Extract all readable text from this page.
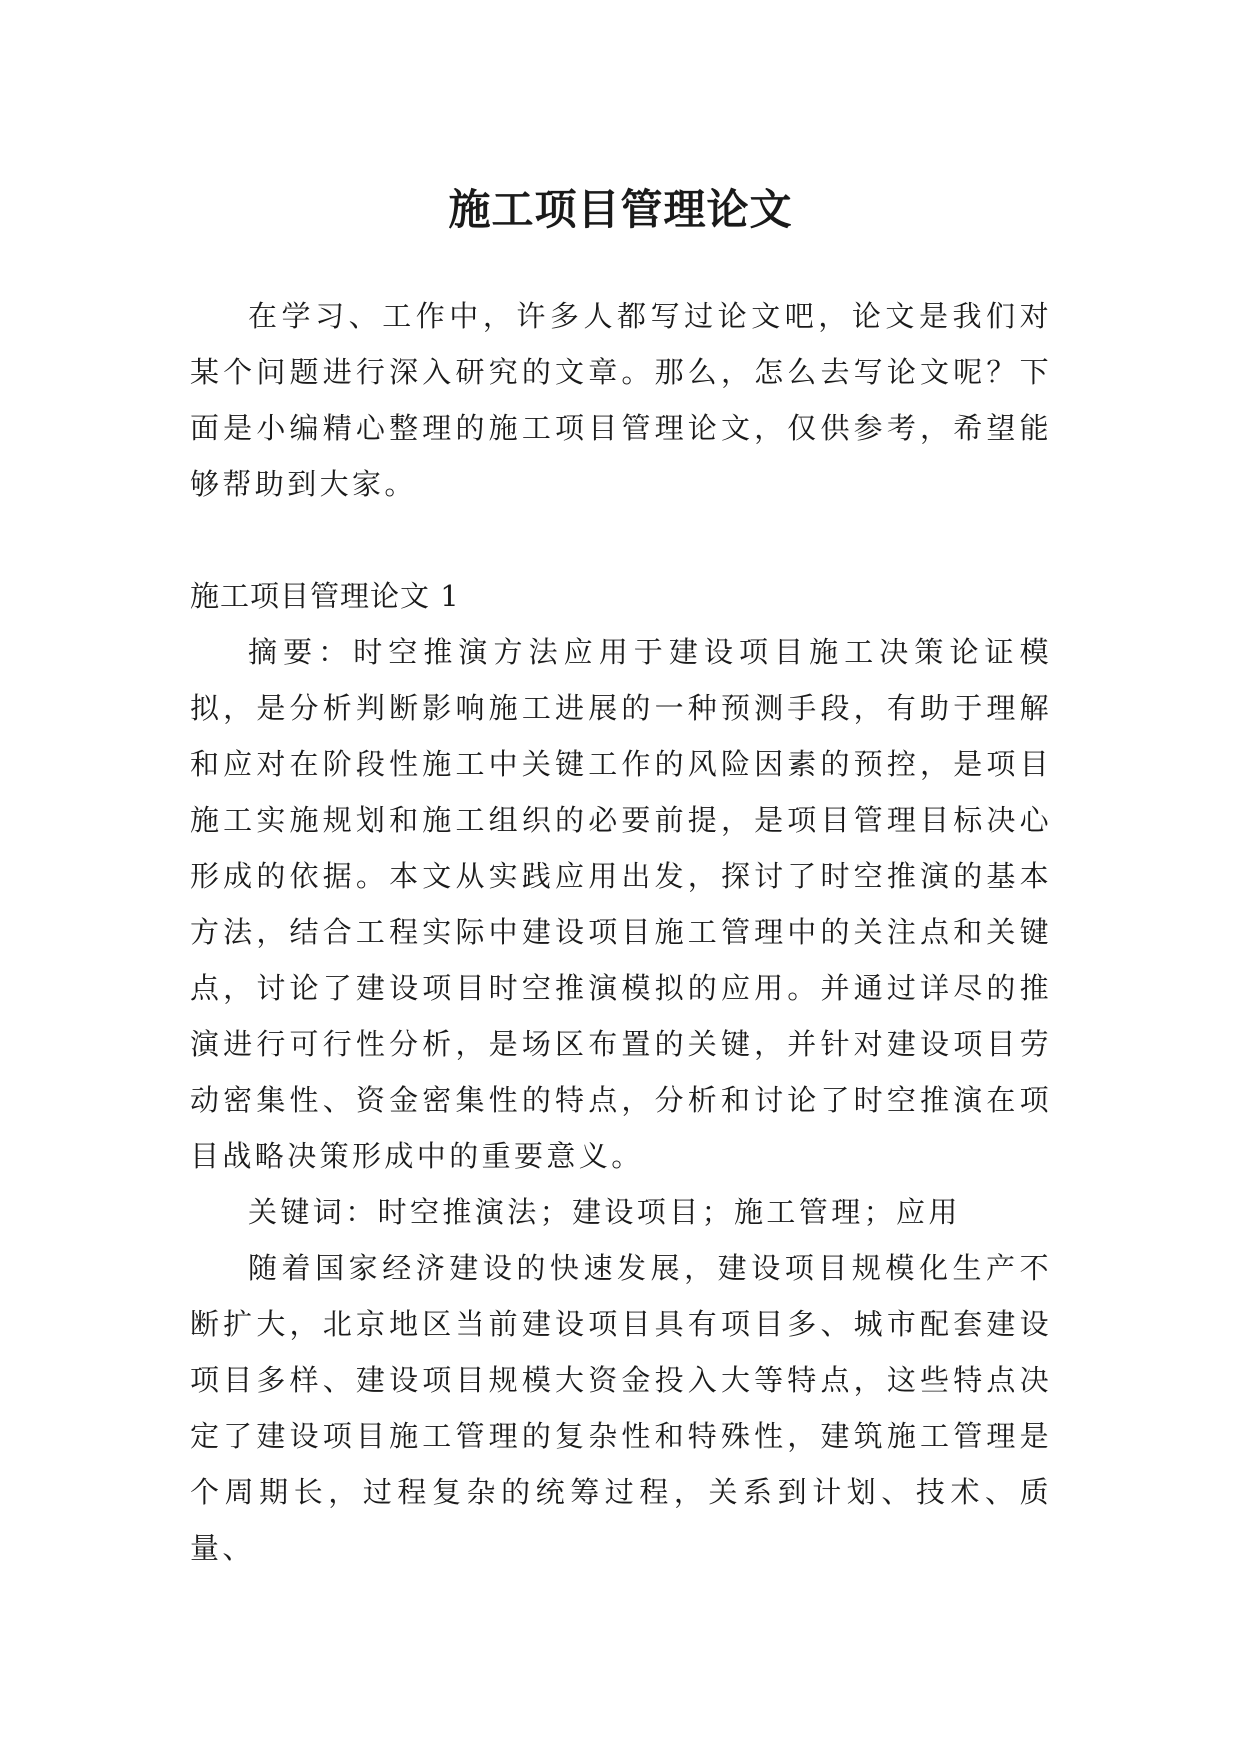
施工项目管理论文

在学习、工作中，许多人都写过论文吧，论文是我们对某个问题进行深入研究的文章。那么，怎么去写论文呢？下面是小编精心整理的施工项目管理论文，仅供参考，希望能够帮助到大家。

施工项目管理论文 1

摘要：时空推演方法应用于建设项目施工决策论证模拟，是分析判断影响施工进展的一种预测手段，有助于理解和应对在阶段性施工中关键工作的风险因素的预控，是项目施工实施规划和施工组织的必要前提，是项目管理目标决心形成的依据。本文从实践应用出发，探讨了时空推演的基本方法，结合工程实际中建设项目施工管理中的关注点和关键点，讨论了建设项目时空推演模拟的应用。并通过详尽的推演进行可行性分析，是场区布置的关键，并针对建设项目劳动密集性、资金密集性的特点，分析和讨论了时空推演在项目战略决策形成中的重要意义。

关键词：时空推演法；建设项目；施工管理；应用

随着国家经济建设的快速发展，建设项目规模化生产不断扩大，北京地区当前建设项目具有项目多、城市配套建设项目多样、建设项目规模大资金投入大等特点，这些特点决定了建设项目施工管理的复杂性和特殊性，建筑施工管理是个周期长，过程复杂的统筹过程，关系到计划、技术、质量、
